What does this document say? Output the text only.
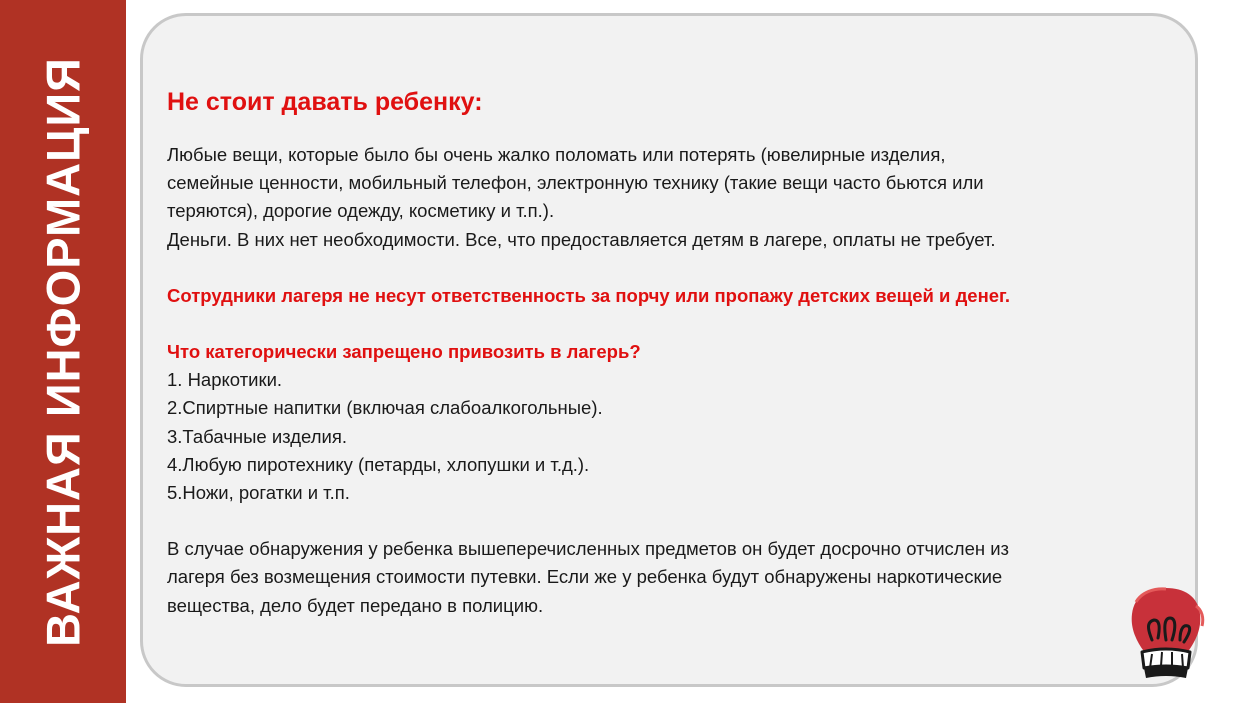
ВАЖНАЯ ИНФОРМАЦИЯ	Не стоит давать ребенку:

Любые вещи, которые было бы очень жалко поломать или потерять (ювелирные изделия,

семейные ценности, мобильный телефон, электронную технику (такие вещи часто бьются или

теряются), дорогие одежду, косметику и т.п.).

Деньги. В них нет необходимости. Все, что предоставляется детям в лагере, оплаты не требует.

Сотрудники лагеря не несут ответственность за порчу или пропажу детских вещей и денег.

Что категорически запрещено привозить в лагерь?

1. Наркотики.

2.Спиртные напитки (включая слабоалкогольные).

3.Табачные изделия.

4.Любую пиротехнику (петарды, хлопушки и т.д.).

5.Ножи, рогатки и т.п.

В случае обнаружения у ребенка вышеперечисленных предметов он будет досрочно отчислен из

лагеря без возмещения стоимости путевки. Если же у ребенка будут обнаружены наркотические

вещества, дело будет передано в полицию.
